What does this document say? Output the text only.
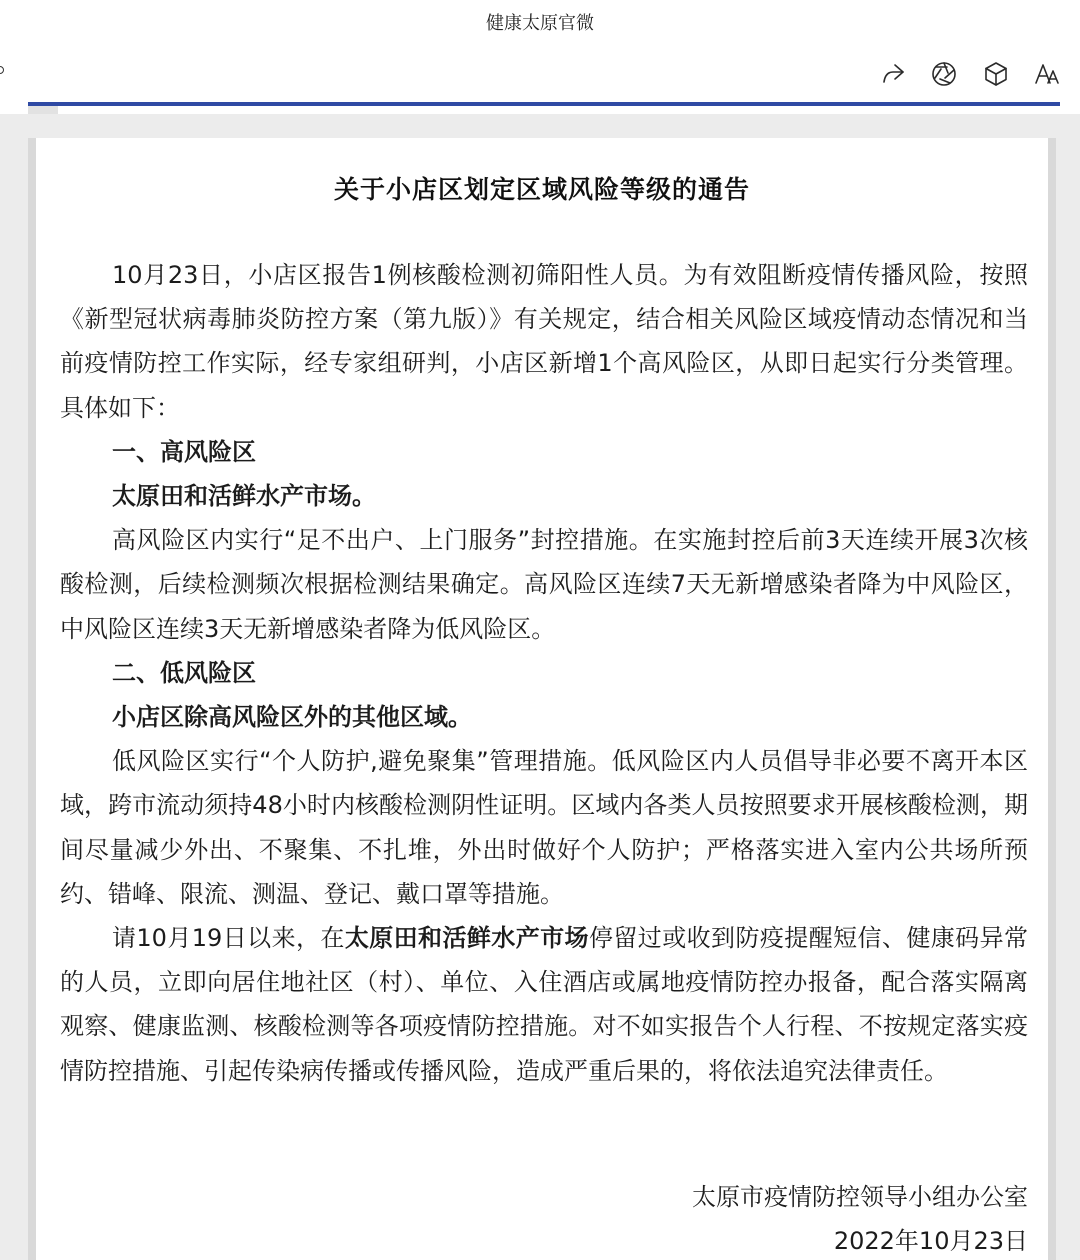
健康太原官微
关于小店区划定区域风险等级的通告

10月23日，小店区报告1例核酸检测初筛阳性人员。为有效阻断疫情传播风险，按照《新型冠状病毒肺炎防控方案（第九版）》有关规定，结合相关风险区域疫情动态情况和当前疫情防控工作实际，经专家组研判，小店区新增1个高风险区，从即日起实行分类管理。具体如下：

一、高风险区

太原田和活鲜水产市场。

高风险区内实行“足不出户、上门服务”封控措施。在实施封控后前3天连续开展3次核酸检测，后续检测频次根据检测结果确定。高风险区连续7天无新增感染者降为中风险区，中风险区连续3天无新增感染者降为低风险区。

二、低风险区

小店区除高风险区外的其他区域。

低风险区实行“个人防护,避免聚集”管理措施。低风险区内人员倡导非必要不离开本区域，跨市流动须持48小时内核酸检测阴性证明。区域内各类人员按照要求开展核酸检测，期间尽量减少外出、不聚集、不扎堆，外出时做好个人防护；严格落实进入室内公共场所预约、错峰、限流、测温、登记、戴口罩等措施。

请10月19日以来，在太原田和活鲜水产市场停留过或收到防疫提醒短信、健康码异常的人员，立即向居住地社区（村）、单位、入住酒店或属地疫情防控办报备，配合落实隔离观察、健康监测、核酸检测等各项疫情防控措施。对不如实报告个人行程、不按规定落实疫情防控措施、引起传染病传播或传播风险，造成严重后果的，将依法追究法律责任。

太原市疫情防控领导小组办公室
2022年10月23日
